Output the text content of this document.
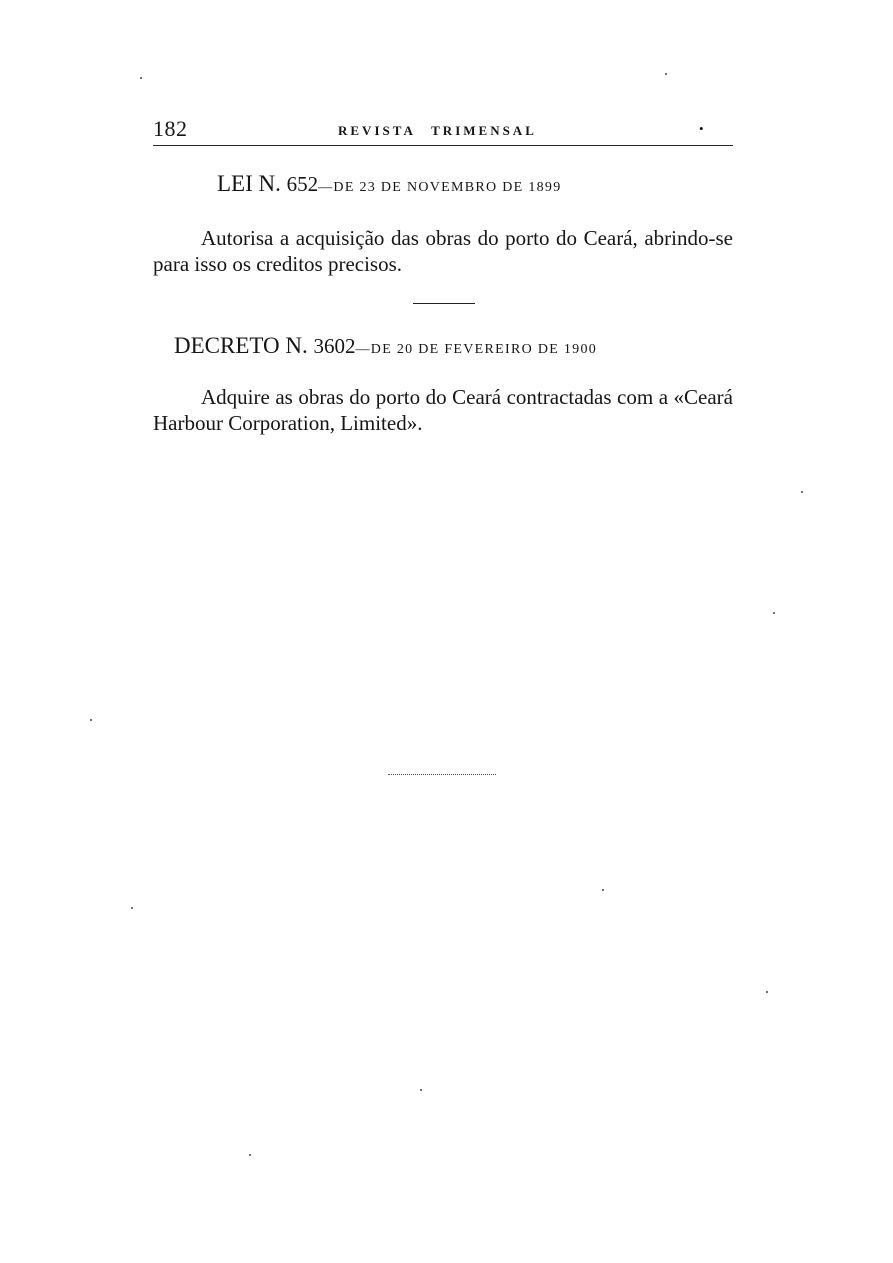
182	REVISTA TRIMENSAL	•
LEI N. 652—DE 23 DE NOVEMBRO DE 1899
Autorisa a acquisição das obras do porto do Ceará, abrindo-se para isso os creditos precisos.
DECRETO N. 3602—DE 20 DE FEVEREIRO DE 1900
Adquire as obras do porto do Ceará contractadas com a «Ceará Harbour Corporation, Limited».
